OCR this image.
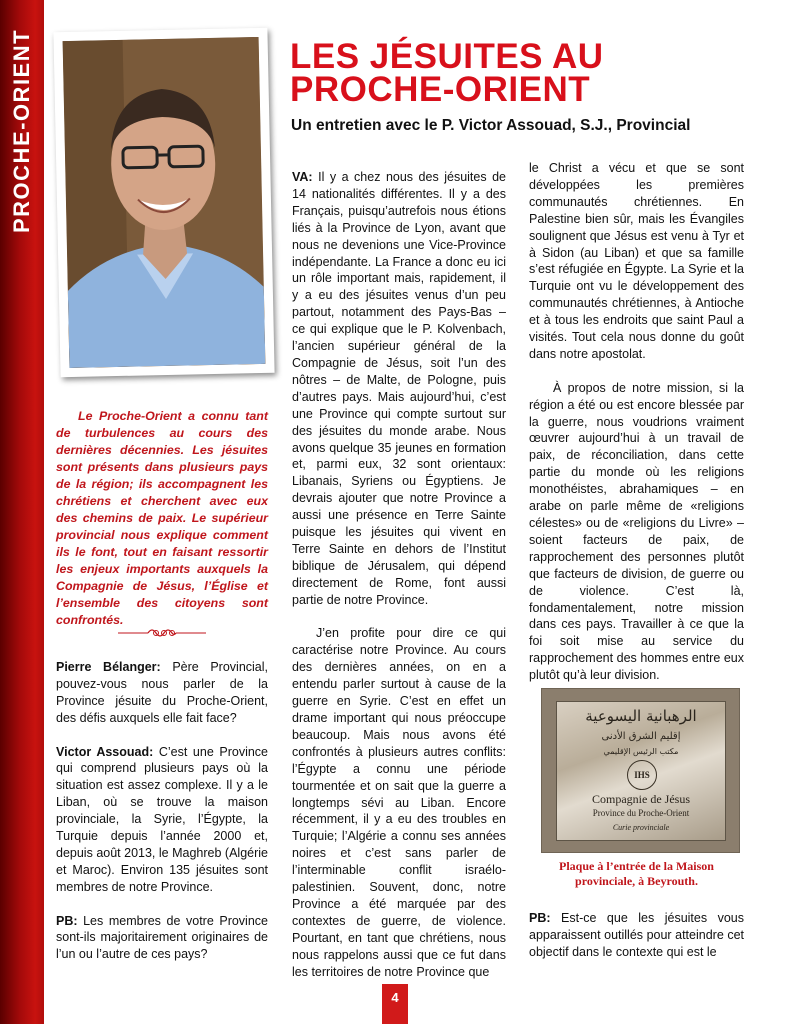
PROCHE-ORIENT	LES JÉSUITES AU PROCHE-ORIENT
Un entretien avec le P. Victor Assouad, S.J., Provincial
Le Proche-Orient a connu tant de turbulences au cours des dernières décennies. Les jésuites sont présents dans plusieurs pays de la région; ils accompagnent les chrétiens et cherchent avec eux des chemins de paix. Le supérieur provincial nous explique comment ils le font, tout en faisant ressortir les enjeux importants auxquels la Compagnie de Jésus, l’Église et l’ensemble des citoyens sont confrontés.

Pierre Bélanger: Père Provincial, pouvez-vous nous parler de la Province jésuite du Proche-Orient, des défis auxquels elle fait face?

Victor Assouad: C’est une Province qui comprend plusieurs pays où la situation est assez complexe. Il y a le Liban, où se trouve la maison provinciale, la Syrie, l’Égypte, la Turquie depuis l’année 2000 et, depuis août 2013, le Maghreb (Algérie et Maroc). Environ 135 jésuites sont membres de notre Province.

PB: Les membres de votre Province sont-ils majoritairement originaires de l’un ou l’autre de ces pays?

VA: Il y a chez nous des jésuites de 14 nationalités différentes. Il y a des Français, puisqu’autrefois nous étions liés à la Province de Lyon, avant que nous ne devenions une Vice-Province indépendante. La France a donc eu ici un rôle important mais, rapidement, il y a eu des jésuites venus d’un peu partout, notamment des Pays-Bas – ce qui explique que le P. Kolvenbach, l’ancien supérieur général de la Compagnie de Jésus, soit l’un des nôtres – de Malte, de Pologne, puis d’autres pays. Mais aujourd’hui, c’est une Province qui compte surtout sur des jésuites du monde arabe. Nous avons quelque 35 jeunes en formation et, parmi eux, 32 sont orientaux: Libanais, Syriens ou Égyptiens. Je devrais ajouter que notre Province a aussi une présence en Terre Sainte puisque les jésuites qui vivent en Terre Sainte en dehors de l’Institut biblique de Jérusalem, qui dépend directement de Rome, font aussi partie de notre Province.

J’en profite pour dire ce qui caractérise notre Province. Au cours des dernières années, on en a entendu parler surtout à cause de la guerre en Syrie. C’est en effet un drame important qui nous préoccupe beaucoup. Mais nous avons été confrontés à plusieurs autres conflits: l’Égypte a connu une période tourmentée et on sait que la guerre a longtemps sévi au Liban. Encore récemment, il y a eu des troubles en Turquie; l’Algérie a connu ses années noires et c’est sans parler de l’interminable conflit israélo-palestinien. Souvent, donc, notre Province a été marquée par des contextes de guerre, de violence. Pourtant, en tant que chrétiens, nous nous rappelons aussi que ce fut dans les territoires de notre Province que

le Christ a vécu et que se sont développées les premières communautés chrétiennes. En Palestine bien sûr, mais les Évangiles soulignent que Jésus est venu à Tyr et à Sidon (au Liban) et que sa famille s’est réfugiée en Égypte. La Syrie et la Turquie ont vu le développement des communautés chrétiennes, à Antioche et à tous les endroits que saint Paul a visités. Tout cela nous donne du goût dans notre apostolat.

À propos de notre mission, si la région a été ou est encore blessée par la guerre, nous voudrions vraiment œuvrer aujourd’hui à un travail de paix, de réconciliation, dans cette partie du monde où les religions monothéistes, abrahamiques – en arabe on parle même de «religions célestes» ou de «religions du Livre» – soient facteurs de paix, de rapprochement des personnes plutôt que facteurs de division, de guerre ou de violence. C’est là, fondamentalement, notre mission dans ces pays. Travailler à ce que la foi soit mise au service du rapprochement des hommes entre eux plutôt qu’à leur division.

الرهبانية اليسوعية
إقليم الشرق الأدنى
مكتب الرئيس الإقليمي
IHS
Compagnie de Jésus
Province du Proche-Orient
Curie provinciale
Plaque à l’entrée de la Maison provinciale, à Beyrouth.

PB: Est-ce que les jésuites vous apparaissent outillés pour atteindre cet objectif dans le contexte qui est le

4
